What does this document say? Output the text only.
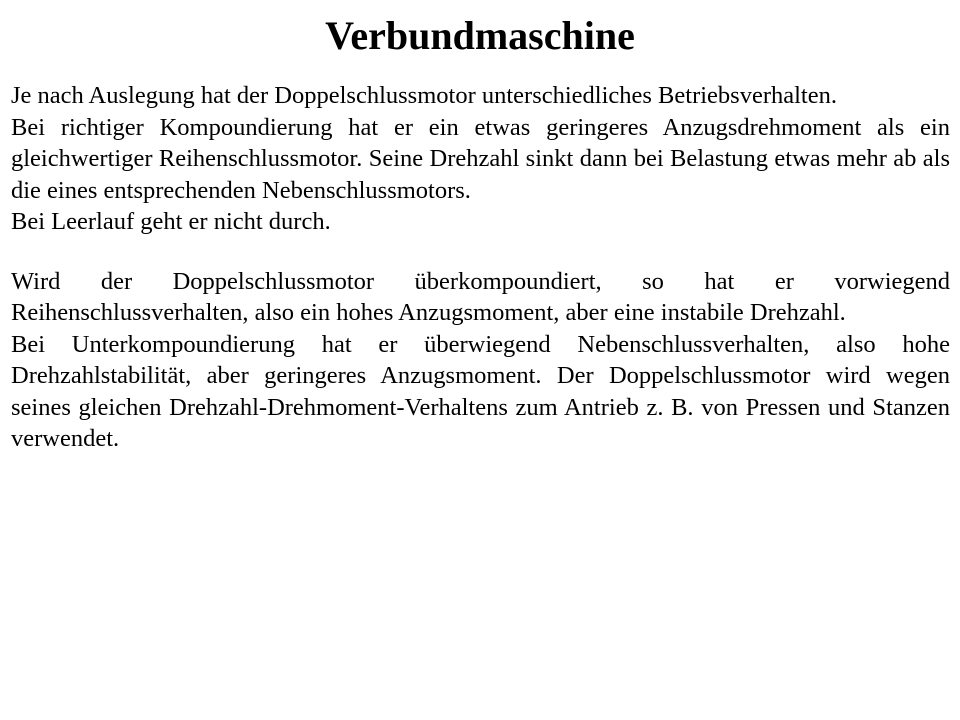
Verbundmaschine

Je nach Auslegung hat der Doppelschlussmotor unterschiedliches Betriebsverhalten.

Bei richtiger Kompoundierung hat er ein etwas geringeres Anzugsdrehmoment als ein gleichwertiger Reihenschlussmotor. Seine Drehzahl sinkt dann bei Belastung etwas mehr ab als die eines entsprechenden Nebenschlussmotors.

Bei Leerlauf geht er nicht durch.

Wird der Doppelschlussmotor überkompoundiert, so hat er vorwiegend Reihenschlussverhalten, also ein hohes Anzugsmoment, aber eine instabile Drehzahl.

Bei Unterkompoundierung hat er überwiegend Nebenschlussverhalten, also hohe Drehzahlstabilität, aber geringeres Anzugsmoment. Der Doppelschlussmotor wird wegen seines gleichen Drehzahl-Drehmoment-Verhaltens zum Antrieb z. B. von Pressen und Stanzen verwendet.
